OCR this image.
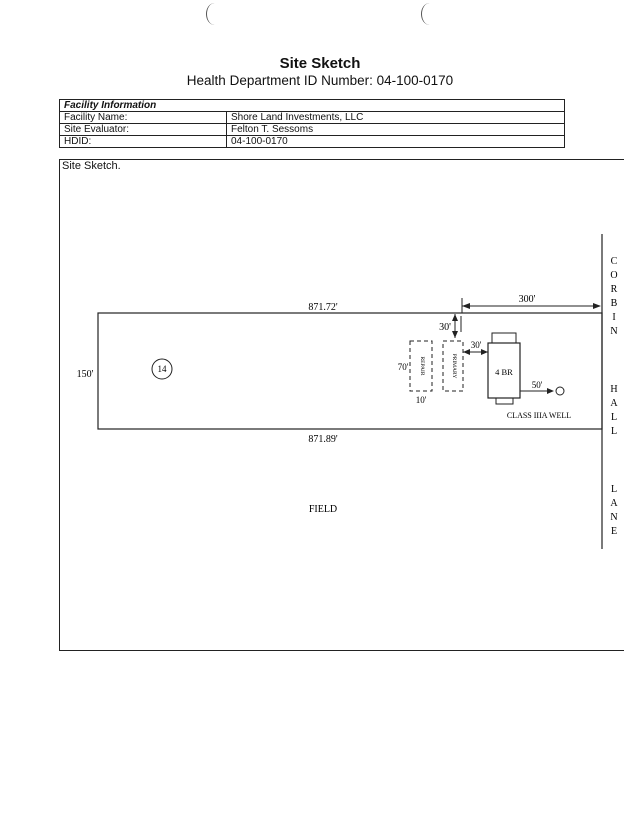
Site Sketch
Health Department ID Number: 04-100-0170
Facility Information	
Facility Name:	Shore Land Investments, LLC
Site Evaluator:	Felton T. Sessoms
HDID:	04-100-0170
Site Sketch.
871.72'
871.89'
150'	14
300'
30'
REPAIR
70'
10'
PRIMARY
30'
4 BR
50'
CLASS IIIA WELL
FIELD
C
O
R
B
I
N
H
A
L
L
L
A
N
E
